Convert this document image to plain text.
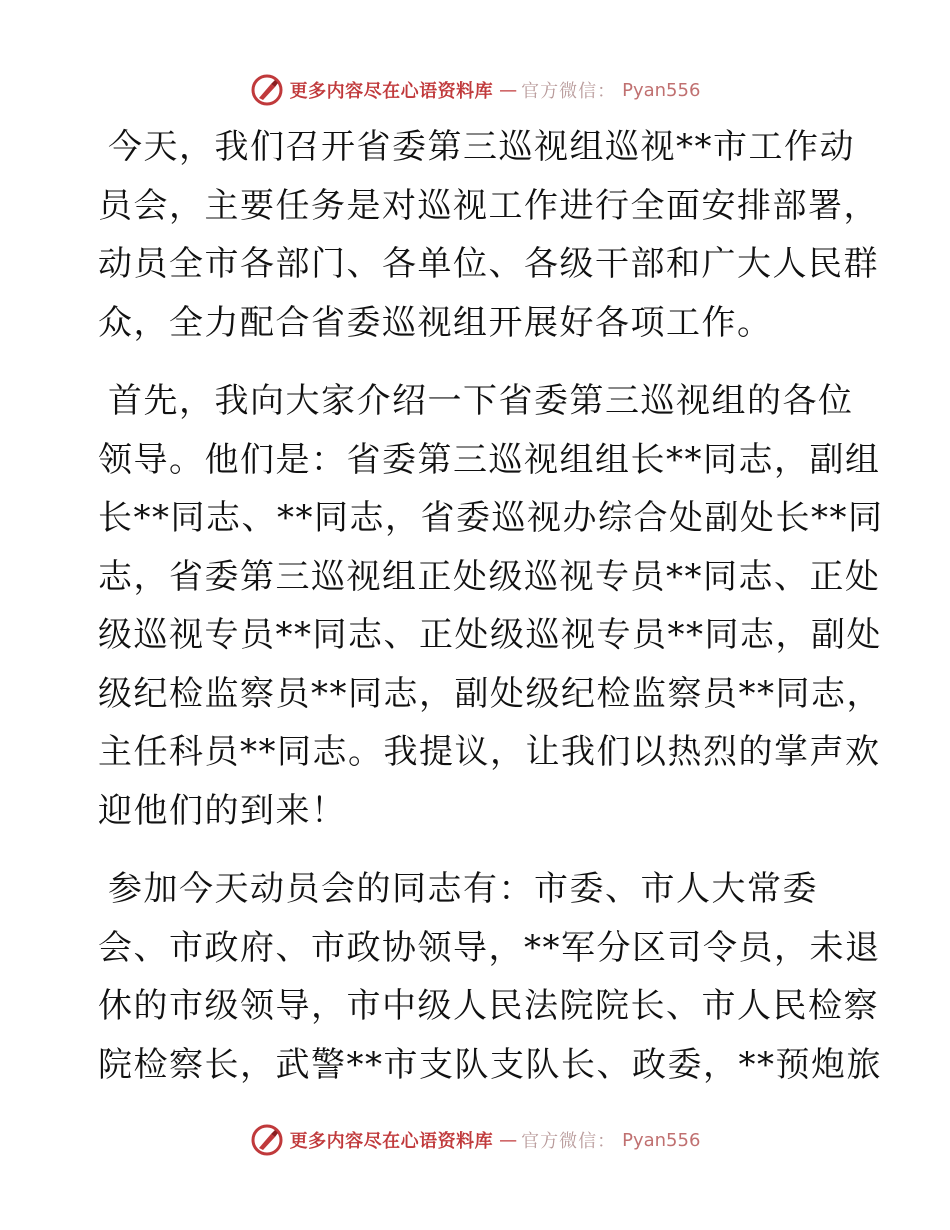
更多内容尽在心语资料库 — 官方微信： Pyan556
今天，我们召开省委第三巡视组巡视**市工作动
员会，主要任务是对巡视工作进行全面安排部署，
动员全市各部门、各单位、各级干部和广大人民群
众，全力配合省委巡视组开展好各项工作。
首先，我向大家介绍一下省委第三巡视组的各位
领导。他们是：省委第三巡视组组长**同志，副组
长**同志、**同志，省委巡视办综合处副处长**同
志，省委第三巡视组正处级巡视专员**同志、正处
级巡视专员**同志、正处级巡视专员**同志，副处
级纪检监察员**同志，副处级纪检监察员**同志，
主任科员**同志。我提议，让我们以热烈的掌声欢
迎他们的到来！
参加今天动员会的同志有：市委、市人大常委
会、市政府、市政协领导，**军分区司令员，未退
休的市级领导，市中级人民法院院长、市人民检察
院检察长，武警**市支队支队长、政委，**预炮旅
更多内容尽在心语资料库 — 官方微信： Pyan556
